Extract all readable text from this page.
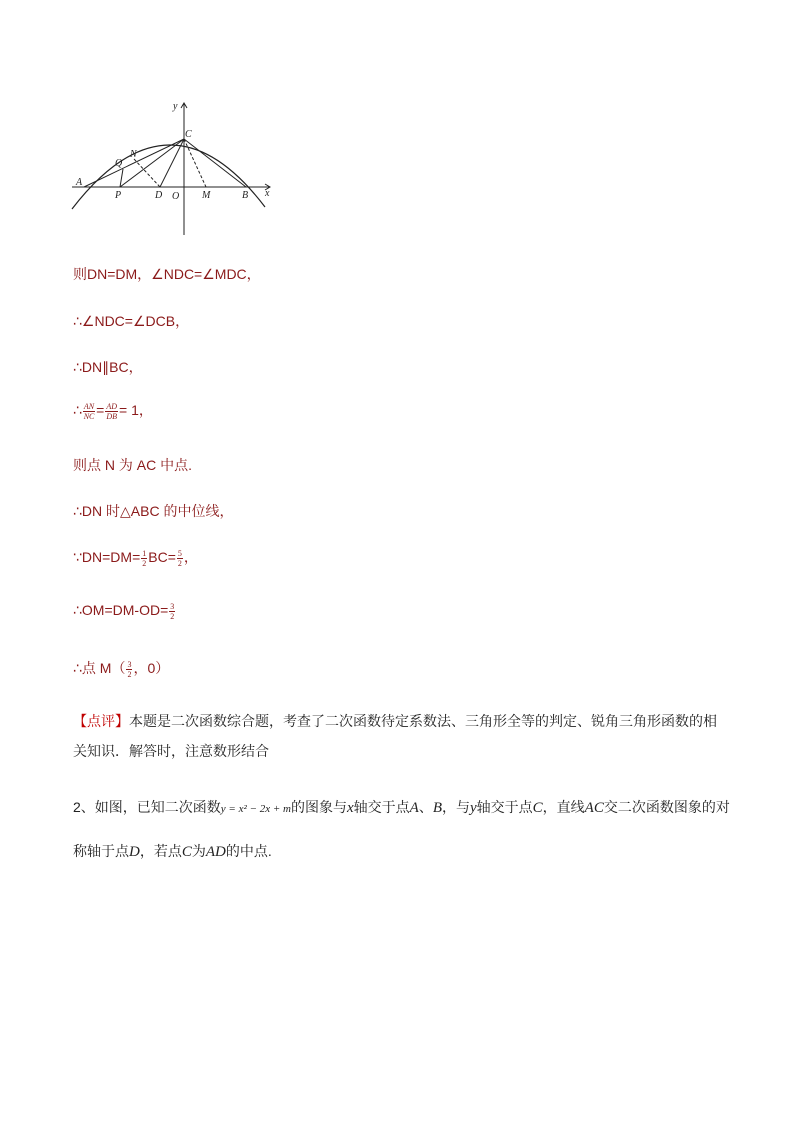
y
x
C
Q
N
A
P	D O M	B
则DN=DM，∠NDC=∠MDC，
∴∠NDC=∠DCB，
∴DN∥BC，
∴ $\frac{AN}{NC} = \frac{AD}{DB} = 1$，
则点 N 为 AC 中点.
∴DN 时△ABC 的中位线，
∵DN=DM= $\frac{1}{2} BC= \frac{5}{2}$ ，
∴OM=DM-OD= $\frac{3}{2}$
∴点 $M( \frac{3}{2}$ ，0）
【点评】本题是二次函数综合题，考查了二次函数待定系数法、三角形全等的判定、锐角三角形函数的相关知识．解答时，注意数形结合
2、如图，已知二次函数y = x² − 2x + m的图象与x轴交于点A、B，与y轴交于点C，直线AC交二次函数图象的对称轴于点D，若点C为AD的中点.
